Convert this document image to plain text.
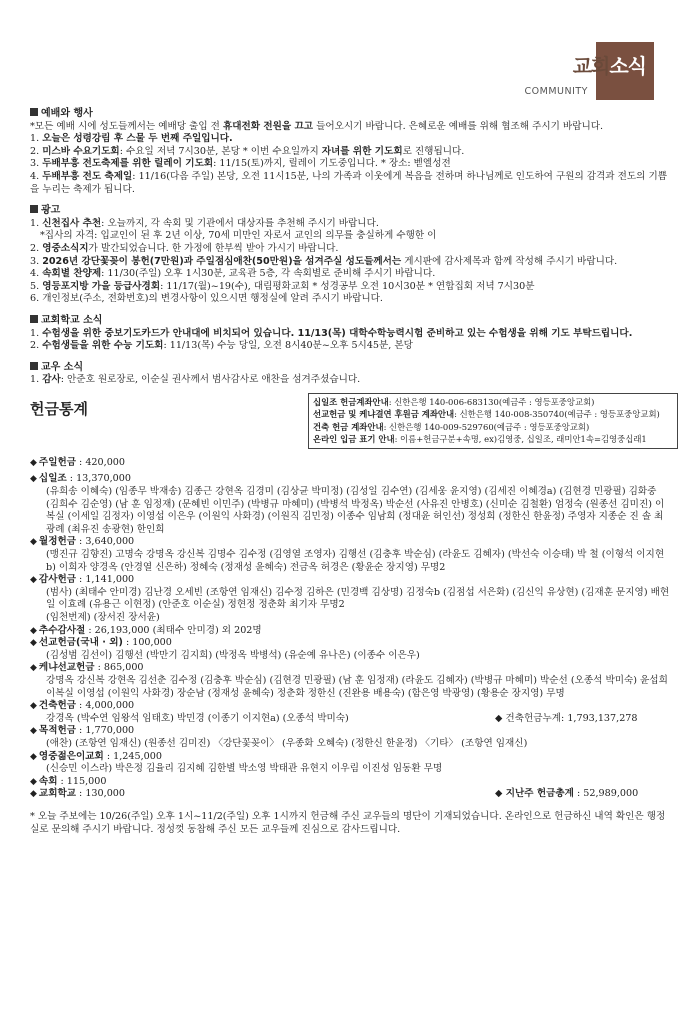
교회소식
COMMUNITY

예배와 행사

*모든 예배 시에 성도들께서는 예배당 출입 전 휴대전화 전원을 끄고 들어오시기 바랍니다. 은혜로운 예배를 위해 협조해 주시기 바랍니다.

1. 오늘은 성령강림 후 스물 두 번째 주일입니다.

2. 미스바 수요기도회: 수요일 저녁 7시30분, 본당 * 이번 수요일까지 자녀를 위한 기도회로 진행됩니다.

3. 두배부흥 전도축제를 위한 릴레이 기도회: 11/15(토)까지, 릴레이 기도중입니다. * 장소: 벧엘성전

4. 두배부흥 전도 축제일: 11/16(다음 주일) 본당, 오전 11시15분, 나의 가족과 이웃에게 복음을 전하며 하나님께로 인도하여 구원의 감격과 전도의 기쁨을 누리는 축제가 됩니다.

광고

1. 신천집사 추천: 오늘까지, 각 속회 및 기관에서 대상자를 추천해 주시기 바랍니다.

*집사의 자격: 입교인이 된 후 2년 이상, 70세 미만인 자로서 교인의 의무를 충실하게 수행한 이

2. 영중소식지가 발간되었습니다. 한 가정에 한부씩 받아 가시기 바랍니다.

3. 2026년 강단꽃꽂이 봉헌(7만원)과 주일점심애찬(50만원)을 섬겨주실 성도들께서는 게시판에 감사제목과 함께 작성해 주시기 바랍니다.

4. 속회별 찬양제: 11/30(주일) 오후 1시30분, 교육관 5층, 각 속회별로 준비해 주시기 바랍니다.

5. 영등포지방 가을 등급사경회: 11/17(월)~19(수), 대림평화교회 * 성경공부 오전 10시30분 * 연합집회 저녁 7시30분

6. 개인정보(주소, 전화번호)의 변경사항이 있으시면 행정실에 알려 주시기 바랍니다.

교회학교 소식

1. 수험생을 위한 중보기도카드가 안내대에 비치되어 있습니다. 11/13(목) 대학수학능력시험 준비하고 있는 수험생을 위해 기도 부탁드립니다.

2. 수험생들을 위한 수능 기도회: 11/13(목) 수능 당일, 오전 8시40분~오후 5시45분, 본당

교우 소식

1. 감사: 안준호 원로장로, 이순실 권사께서 범사감사로 애찬을 섬겨주셨습니다.

헌금통계	십일조 헌금계좌안내: 신한은행 140-006-683130(예금주 : 영등포중앙교회)
선교헌금 및 케냐결연 후원금 계좌안내: 신한은행 140-008-350740(예금주 : 영등포중앙교회)
건축 헌금 계좌안내: 신한은행 140-009-529760(예금주 : 영등포중앙교회)
온라인 입금 표기 안내: 이름+헌금구분+속명, ex)김영중, 십일조, 래미안1속=김영중십래1

◆ 주일헌금 : 420,000

◆ 십일조 : 13,370,000

(유희송 이혜숙) (임종무 박재송) 김종근 강현옥 김경미 (김상균 박미정) (김성일 김수연) (김세웅 윤지영) (김세진 이혜경a) (김현경 민광필) 김화중 (김희수 김순영) (남 훈 임정재) (문혜빈 이민주) (박병규 마혜미) (박병석 박정옥) 박순선 (사유진 안병호) (신미순 김철환) 엄정숙 (원종선 김미진) 이복실 (이세일 김정자) 이영섭 이은우 (이원익 사화경) (이원직 김민정) 이종수 임남희 (정대윤 허인선) 정성희 (정한신 한윤정) 주영자 지종순 진 솔 최광례 (최유진 송광현) 한인희

◆ 월정헌금 : 3,640,000

(맹진규 김향진) 고명숙 강명옥 강신복 김명수 김수정 (김영열 조영자) 김행선 (김충후 박순심) (라윤도 김혜자) (박선숙 이승태) 박 철 (이형석 이지현b) 이희자 양경옥 (안경열 신은하) 정혜숙 (정재성 윤혜숙) 전금옥 허경은 (황윤순 장지영) 무명2

◆ 감사헌금 : 1,141,000

(범사) (최태수 안미경) 김난경 오세빈 (조항연 임재신) 김수정 김하은 (민경백 김상명) 김정숙b (김점섭 서은화) (김신익 유상현) (김재훈 문지영) 배현일 이효례 (유용근 이현정) (안준호 이순실) 정현정 정춘화 최기자 무명2
(임천번제) (장서진 장서윤)

◆ 추수감사절 : 26,193,000 (최태수 안미경) 외 202명

◆ 선교헌금(국내 · 외) : 100,000

(김성범 김선이) 김행선 (박만기 김지희) (박정옥 박병석) (유순예 유나은) (이종수 이은우)

◆ 케냐선교헌금 : 865,000

강명옥 강신복 강현옥 김선춘 김수정 (김충후 박순심) (김현경 민광필) (남 훈 임정재) (라윤도 김혜자) (박병규 마혜미) 박순선 (오종석 박미숙) 윤섭희 이복실 이영섭 (이원익 사화경) 장순남 (정재성 윤혜숙) 정춘화 정한신 (진완용 배용숙) (함은영 박광영) (황용순 장지영) 무명

◆ 건축헌금 : 4,000,000

강경옥 (박수연 임왕석 임태호) 박민경 (이종기 이지현a) (오종석 박미숙)	◆ 건축헌금누계: 1,793,137,278

◆ 목적헌금 : 1,770,000

(애찬) (조항연 임재신) (원종선 김미진) 〈강단꽃꽂이〉 (우종화 오혜숙) (정한신 한윤정) 〈기타〉 (조항연 임재신)

◆ 영중젊은이교회 : 1,245,000

(신승민 이스라) 박은정 김율리 김지혜 김한별 박소영 박태관 유현지 이우림 이진성 임동환 무명

◆ 속회 : 115,000

◆ 교회학교 : 130,000	◆ 지난주 헌금총계 : 52,989,000

* 오늘 주보에는 10/26(주일) 오후 1시~11/2(주일) 오후 1시까지 헌금해 주신 교우들의 명단이 기재되었습니다. 온라인으로 헌금하신 내역 확인은 행정실로 문의해 주시기 바랍니다. 정성껏 동참해 주신 모든 교우들께 진심으로 감사드립니다.
